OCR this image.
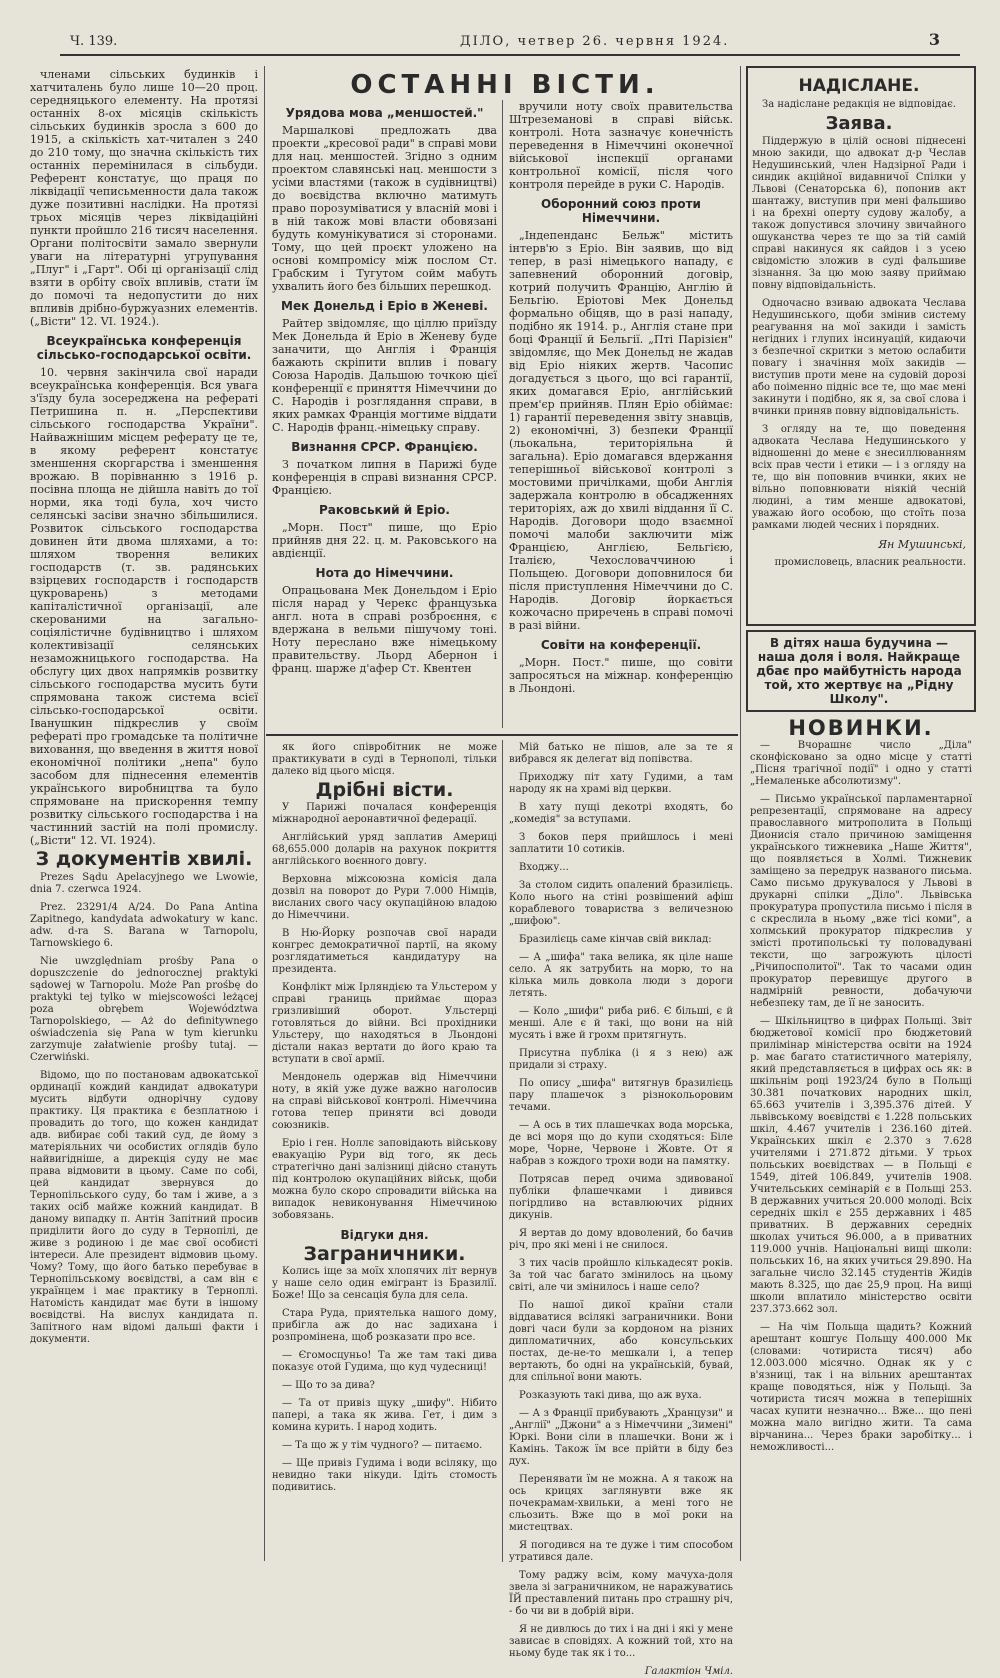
Ч. 139.	ДІЛО, четвер 26. червня 1924.	3

членами сільських будинків і хатчиталень було лише 10—20 проц. середняцького елементу. На протязі останніх 8-ох місяців скількість сільських будинків зросла з 600 до 1915, а скількість хат-читален з 240 до 210 тому, що значна скількість тих останніх перемінилася в сільбуди. Референт констатує, що праця по ліквідації чепиcьменности дала також дуже позитивні наслідки. На протязі трьох місяців через ліквідаційні пункти пройшло 216 тисяч населення. Органи політосвіти замало звернули уваги на літературні угрупування „Плуг" і „Гарт". Обі ці організації слід взяти в орбіту своїх впливів, стати їм до помочі та недопустити до них впливів дрібно-буржуазних елементів. („Вісти" 12. VI. 1924.).

Всеукраїнська конференція сільсько-господарської освіти.

10. червня закінчила свої наради всеукраїнська конференція. Вся увага з'їзду була зосереджена на рефераті Петришина п. н. „Перспективи сільського господарства України". Найважнішим місцем реферату це те, в якому референт констатує зменшення скоргарства і зменшення врожаю. В порівнанню з 1916 р. посівна площа не дійшла навіть до тої норми, яка тоді була, хоч чисто селянські засіви значно збільшилися. Розвиток сільського господарства довинен йти двома шляхами, а то: шляхом творення великих господарств (т. зв. радянських взірцевих господарств і господарств цукроварень) з методами капіталістичної організації, але скерованими на загально-соціялістичне будівництво і шляхом колективізації селянських незаможницького господарства. На обслугу цих двох напрямків розвитку сільського господарства мусить бути спрямована також система всієї сільсько-господарської освіти. Іванушкин підкреслив у своїм рефераті про громадське та політичне виховання, що введення в життя нової економічної політики „непа" було засобом для піднесення елементів українського виробництва та було спрямоване на прискорення темпу розвитку сільського господарства і на частинний застій на полі промислу. („Вісти" 12. VI. 1924).

З документів хвилі.

Prezes Sądu Apelacyjnego we Lwowie, dnia 7. czerwca 1924.

Prez. 23291/4 A/24. Do Pana Antina Zapitnego, kandydata adwokatury w kanc. adw. d-ra S. Barana w Tarnopolu, Tarnowskiego 6.

Nie uwzględniam prośby Pana o dopuszczenie do jednorocznej praktyki sądowej w Tarnopolu. Może Pan prośbę do praktyki tej tylko w miejscowości leżącej poza obrębem Województwa Tarnopolskiego, — Aż do definitywnego oświadczenia się Pana w tym kierunku zarzymuje załatwienie prośby tutaj. — Czerwiński.

Відомо, що по постановам адвокатської ординації кождий кандидат адвокатури мусить відбути однорічну судову практику. Ця практика є безплатною і провадить до того, що кожен кандидат адв. вибирає собі такий суд, де йому з матеріяльних чи особистих оглядів було найвигідніше, а дирекція суду не має права відмовити в цьому. Саме по собі, цей кандидат звернувся до Тернопільського суду, бо там і живе, а з таких осіб майже кожний кандидат. В даному випадку п. Антін Запітний просив приділити його до суду в Тернопілі, де живе з родиною і де має свої особисті інтереси. Але президент відмовив цьому. Чому? Тому, що його батько перебуває в Тернопільському воєвідстві, а сам він є українцем і має практику в Терноплі. Натомість кандидат має бути в іншому воєвідстві. На вислух кандидата п. Запітного нам відомі дальші факти і документи.

ОСТАННІ ВІСТИ.
Урядова мова „меншостей."

Маршалкові предложать два проекти „кресової ради" в справі мови для нац. меншостей. Згідно з одним проектом славянські нац. меншости з усіми властями (також в судівництві) до воєвідства включно матимуть право порозуміватися у власній мові і в ній також мові власти обовязані будуть комунікуватися зі сторонами. Тому, що цей проєкт уложено на основі компромісу між послом Ст. Грабским і Тугутом сойм мабуть ухвалить його без більших перешкод.

Мек Донельд і Еріо в Женеві.

Райтер звідомляє, що ціллю приїзду Мек Донельда й Еріо в Женеву буде заначити, що Англія і Франція бажають скріпити вплив і повагу Союза Народів. Дальшою точкою цієї конференції є приняття Німеччини до С. Народів і розглядання справи, в яких рамках Франція могтиме віддати С. Народів франц.-німецьку справу.

Визнання СРСР. Францією.

З початком липня в Парижі буде конференція в справі визнання СРСР. Францією.

Раковський й Еріо.

„Морн. Пост" пише, що Еріо прийняв дня 22. ц. м. Раковського на авдієнції.

Нота до Німеччини.

Опрацьована Мек Донельдом і Еріо після нарад у Черекс французька англ. нота в справі розброєння, є вдержана в вельми пішучому тоні. Ноту переслано вже німецькому правительству. Льорд Абернон і франц. шарже д'афер Ст. Квентен

вручили ноту своїх правительства Штреземанові в справі військ. контролі. Нота зазначує конечність переведення в Німеччині оконечної військової інспекції органами контрольної комісії, після чого контроля перейде в руки С. Народів.

Оборонний союз проти Німеччини.

„Індепенданс Бельж" містить інтерв'ю з Еріо. Він заявив, що від тепер, в разі німецького нападу, є запевнений оборонний договір, котрий получить Францію, Англію й Бельгію. Еріотові Мек Донельд формально обіцяв, що в разі нападу, подібно як 1914. р., Англія стане при боці Франції й Бельгії. „Пті Парізієн" звідомляє, що Мек Донельд не жадав від Еріо ніяких жертв. Часопис догадується з цього, що всі гарантії, яких домагався Еріо, англійський прем'єр прийняв. Плян Еріо обіймає: 1) гарантії переведення звіту знавців, 2) економічні, 3) безпеки Франції (льокальна, територіяльна й загальна). Еріо домагався вдержання теперішньої військової контролі з мостовими причілками, щоби Англія задержала контролю в обсадженнях територіях, аж до хвилі віддання її С. Народів. Договори щодо взаємної помочі малоби заключити між Францією, Англією, Бельгією, Італією, Чехословаччиною і Польщею. Договори доповнилося би після приступлення Німеччини до С. Народів. Договір йоркається кожочасно приречень в справі помочі в разі війни.

Совіти на конференції.

„Морн. Пост." пише, що совіти запросяться на міжнар. конференцію в Льондоні.

як його співробітник не може практикувати в суді в Тернополі, тільки далеко від цього місця.

Дрібні вісти.

У Парижі почалася конференція міжнародної аеронавтичної федерації.

Англійський уряд заплатив Америці 68,655.000 доларів на рахунок покриття англійського воєнного довгу.

Верховна міжсоюзна комісія дала дозвіл на поворот до Рури 7.000 Німців, висланих свого часу окупаційною владою до Німеччини.

В Ню-Йорку розпочав свої наради конгрес демократичної партії, на якому розглядатиметься кандидатуру на президента.

Конфлікт між Ірляндією та Ульстером у справі границь приймає щораз гризливіший оборот. Ульстерці готовляться до війни. Всі прохідники Ульстеру, що находяться в Льондоні дістали наказ вертати до його краю та вступати в свої армії.

Мендонель одержав від Німеччини ноту, в якій уже дуже важно наголосив на справі військової контролі. Німеччина готова тепер приняти всі доводи союзників.

Еріо і ген. Ноллє заповідають військову евакуацію Рури від того, як десь стратегічно дані залізниці дійсно стануть під контролою окупаційних військ, щоби можна було скоро спровадити війська на випадок невиконування Німеччиною зобовязань.

Відгуки дня.
Заграничники.

Колись іще за моїх хлопячих літ вернув у наше село один емігрант із Бразилії. Боже! Що за сенсація була для села.

Стара Руда, приятелька нашого дому, прибігла аж до нас задихана і розпромінена, щоб розказати про все.

— Єгомосцуньо! Та же там такі дива показує отой Гудима, що куд чудесниці!

— Що то за дива?

— Та от привіз щуку „шифу". Нібито папері, а така як жива. Гет, і дим з комина курить. І народ ходить.

— Та що ж у тім чудного? — питаємо.

— Ще привіз Гудима і води всіляку, що невидно таки нікуди. Ідіть стомость подивитись.

Мій батько не пішов, але за те я вибрався як делегат від попівства.

Приходжу пiт хату Гудими, а там народу як на храмі від церкви.

В хату пущі декотрі входять, бо „комедія" за вступами.

З боков перя прийшлось і мені заплатити 10 сотиків.

Входжу...

За столом сидить опалений бразилієць. Коло нього на стіні розвішений афіш кораблевого товариства з величезною „шифою".

Бразилієць саме кінчав свій виклад:

— А „шифа" така велика, як ціле наше село. А як затрубить на морю, то на кілька миль довкола люди з дороги летять.

— Коло „шифи" рибa pи6. Є більші, є й менші. Але є й такі, що вони на ній мусять і вже й грохм притягнуть.

Присутна публіка (і я з нею) аж придали зі страху.

По опису „шифа" витягнув бразилієць пару плашечок з різнокольоровим течами.

— А ось в тих плашечках вода морська, де всі моря що до купи сходяться: Біле море, Чорне, Червоне і Жовте. От я набрав з кождого трохи води на памятку.

Потрясав перед очима здивованої публіки флашечками і дивився погірдливо на вставлюючих рідних дикунів.

Я вертав до дому вдоволений, бо бачив річ, про які мені і не снилося.

З тих часів пройшло кількадесят років. За той час багато змінилось на цьому світі, але чи змінилось і наше село?

По нашої дикої країни стали віддаватися всілякі заграничники. Вони довгі часи були за кордоном на різних дипломатичних, або консульських постах, де-не-то мешкали і, а тепер вертають, бо одні на українській, бувай, для спільної вони мають.

Розказують такі дива, що аж вуха.

— А з Франції прибувають „Хранцузи" и „Англії" „Джони" а з Німеччини „Зимені" Юркі. Вони сіли в плашечки. Вони ж і Камінь. Також їм все прійти в біду без дух.

Перенявати їм не можна. А я також на ось крицях заглянувти вже як почекрамам-хвильки, а мені того не сльозить. Вже що в мої роки на мистецтвах.

Я погодився на те дуже і тим способом утратився дале.

Тому раджу всім, кому мачуха-доля звела зі заграничником, не наражуватись ЇЙ преставлений питань про страшну річ, - бо чи ви в добрій віри.

Я не дивлюсь до тих і на дні і які у мене зависає в сповідях. А кожний той, хто на ньому буде так як і то...

Галактіон Чміл.

НАДІСЛАНЕ.

За надіслане редакція не відповідає.

Заява.

Піддержую в цілій основі піднесені мною закиди, що адвокат д-р Чеслав Недушинський, член Надзірної Ради і синдик акційної видавничої Спілки у Львові (Сенаторська 6), попонив акт шантажу, виступив при мені фальшиво і на брехні оперту судову жалобу, а також допустився злочину звичайного ошуканства через те що за тій самій справі накинуся як сайдов і з усею свідомістю зложив в суді фальшиве зізнання. За цю мою заяву приймаю повну відповідальність.

Одночасно взиваю адвоката Чеслава Недушинського, щоби змінив систему реагування на мої закиди і замість негідних і глупих інсинуацій, кидаючи з безпечної скритки з метою ослабити повагу і значіння моїх закидів — виступив проти мене на судовій дорозі або поіменно підніс все те, що має мені закинути і подібно, як я, за свої слова і вчинки приняв повну відповідальність.

З огляду на те, що поведення адвоката Чеслава Недушинського у відношенні до мене є знесиллюванням всіх прав чести і етики — і з огляду на те, що він поповнив вчинки, яких не вільно поповнювати ніякій чесній людині, а тим менше адвокатові, уважаю його особою, що стоїть поза рамками людей чесних і порядних.

Ян Мушинські,

промисловець, власник реальности.

В дітях наша будучина — наша доля і воля. Найкраще дбає про майбутність народа той, хто жертвує на „Рідну Школу".
НОВИНКИ.

— Вчорашнє число „Діла" сконфісковано за одно місце у статті „Пісня трагічної події" і одно у статті „Немаленьке абсолютизму".

— Письмо української парламентарної репрезентації, спрямоване на адресу православного митрополита в Польщі Дионисія стало причиною заміщення українського тижневика „Наше Життя", що появляється в Холмі. Тижневик заміщено за передрук названого письма. Само письмо друкувалося у Львові в друкарні спілки „Діло". Львівська прокуратура пропустила письмо і після в с скреслила в ньому „вже тісі коми", а холмський прокуратор підкреслив у змісті протипольські ту половадувані тексти, що загрожують цілості „Річипосполитої". Так то часами один прокуратор перевищує другого в надмірній ревности, добачуючи небезпеку там, де її не заносить.

— Шкільництво в цифрах Польщі. Звіт бюджетової комісії про бюджетовий прилімінар міністерства освіти на 1924 р. має багато статистичного матеріялу, який представляється в цифрах ось як: в шкільнім році 1923/24 було в Польщі 30.381 початкових народних шкіл, 65.663 учителів і 3,395.376 дітей. У львівському воєвідстві є 1.228 польських шкіл, 4.467 учителів і 236.160 дітей. Українських шкіл є 2.370 з 7.628 учителями і 271.872 дітьми. У трьох польських воєвідствах — в Польщі є 1549, дітей 106.849, учителів 1908. Учительських семінарій є в Польщі 253. В державних учиться 20.000 молоді. Всіх середніх шкіл є 255 державних і 485 приватних. В державних середніх школах учиться 96.000, а в приватних 119.000 учнів. Національні вищі школи: польських 16, на яких учиться 29.890. На загальне число 32.145 студентів Жидів мають 8.325, що дає 25,9 проц. На вищі школи вплатило міністерство освіти 237.373.662 зол.

— На чім Польща щадить? Кожний арештант кошгує Польщу 400.000 Мк (словами: чотириста тисяч) або 12.003.000 місячно. Однак як у с в'язниці, так і на вільних арештантах краще поводяться, ніж у Польщі. За чотириста тисяч можна в теперішніх часах купити незначно... Вже... що пені можна мало вигідно жити. Та сама вірчанина... Через браки заробітку... і неможливості...
